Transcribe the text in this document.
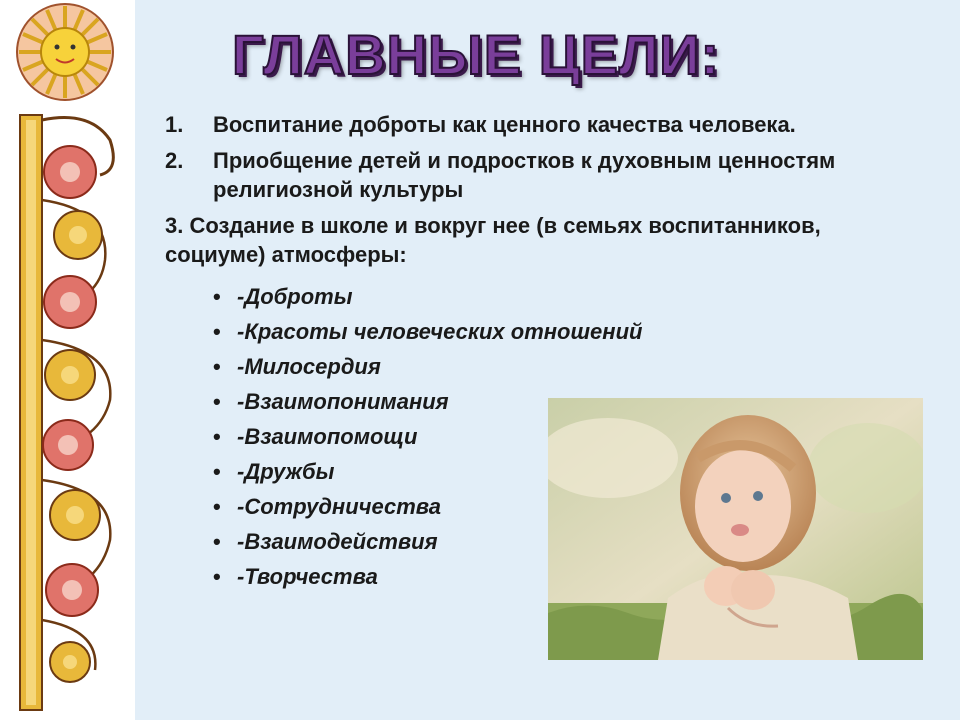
ГЛАВНЫЕ ЦЕЛИ:
1.	Воспитание доброты как ценного качества человека.
2.	Приобщение детей и подростков к духовным ценностям религиозной культуры
3. Создание в школе и вокруг нее (в семьях воспитанников, социуме) атмосферы:
• -Доброты
• -Красоты человеческих отношений
• -Милосердия
• -Взаимопонимания
• -Взаимопомощи
• -Дружбы
• -Сотрудничества
• -Взаимодействия
• -Творчества
